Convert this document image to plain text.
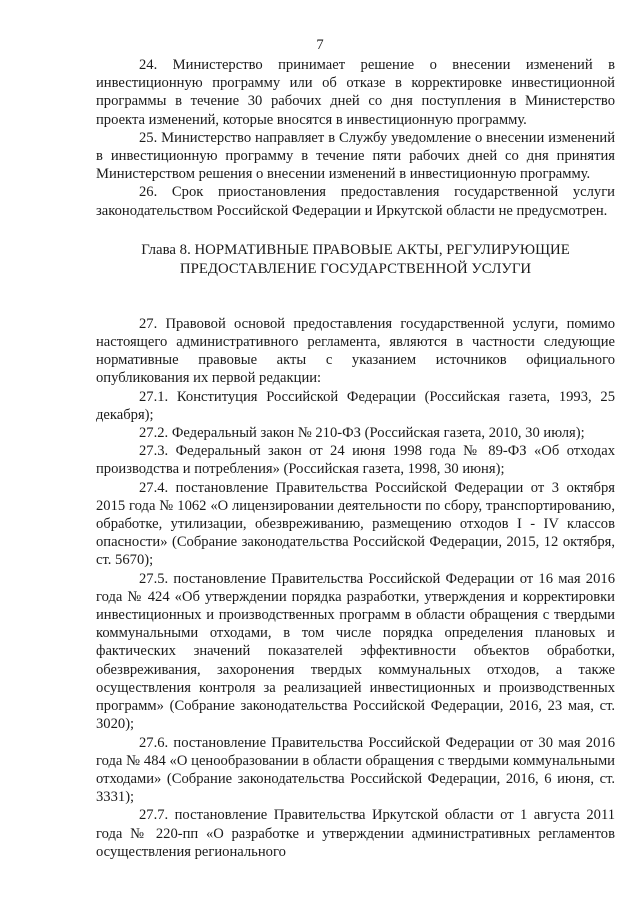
7

24. Министерство принимает решение о внесении изменений в инвестиционную программу или об отказе в корректировке инвестиционной программы в течение 30 рабочих дней со дня поступления в Министерство проекта изменений, которые вносятся в инвестиционную программу.

25. Министерство направляет в Службу уведомление о внесении изменений в инвестиционную программу в течение пяти рабочих дней со дня принятия Министерством решения о внесении изменений в инвестиционную программу.

26. Срок приостановления предоставления государственной услуги законодательством Российской Федерации и Иркутской области не предусмотрен.

Глава 8. НОРМАТИВНЫЕ ПРАВОВЫЕ АКТЫ, РЕГУЛИРУЮЩИЕ
ПРЕДОСТАВЛЕНИЕ ГОСУДАРСТВЕННОЙ УСЛУГИ

27. Правовой основой предоставления государственной услуги, помимо настоящего административного регламента, являются в частности следующие нормативные правовые акты с указанием источников официального опубликования их первой редакции:

27.1. Конституция Российской Федерации (Российская газета, 1993, 25 декабря);

27.2. Федеральный закон № 210-ФЗ (Российская газета, 2010, 30 июля);

27.3. Федеральный закон от 24 июня 1998 года № 89-ФЗ «Об отходах производства и потребления» (Российская газета, 1998, 30 июня);

27.4. постановление Правительства Российской Федерации от 3 октября 2015 года № 1062 «О лицензировании деятельности по сбору, транспортированию, обработке, утилизации, обезвреживанию, размещению отходов I - IV классов опасности» (Собрание законодательства Российской Федерации, 2015, 12 октября, ст. 5670);

27.5. постановление Правительства Российской Федерации от 16 мая 2016 года № 424 «Об утверждении порядка разработки, утверждения и корректировки инвестиционных и производственных программ в области обращения с твердыми коммунальными отходами, в том числе порядка определения плановых и фактических значений показателей эффективности объектов обработки, обезвреживания, захоронения твердых коммунальных отходов, а также осуществления контроля за реализацией инвестиционных и производственных программ» (Собрание законодательства Российской Федерации, 2016, 23 мая, ст. 3020);

27.6. постановление Правительства Российской Федерации от 30 мая 2016 года № 484 «О ценообразовании в области обращения с твердыми коммунальными отходами» (Собрание законодательства Российской Федерации, 2016, 6 июня, ст. 3331);

27.7. постановление Правительства Иркутской области от 1 августа 2011 года № 220-пп «О разработке и утверждении административных регламентов осуществления регионального
